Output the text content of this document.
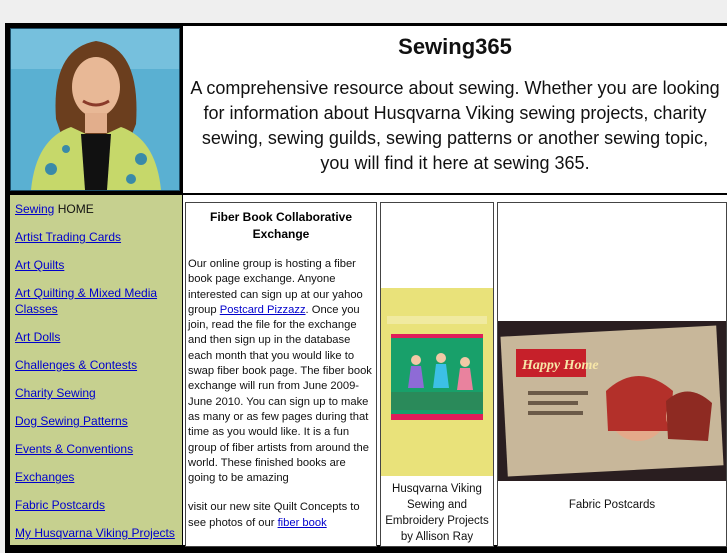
Sewing365
A comprehensive resource about sewing. Whether you are looking for information about Husqvarna Viking sewing projects, charity sewing, sewing guilds, sewing patterns or another sewing topic, you will find it here at sewing 365.
Sewing HOME
Artist Trading Cards
Art Quilts
Art Quilting & Mixed Media Classes
Art Dolls
Challenges & Contests
Charity Sewing
Dog Sewing Patterns
Events & Conventions
Exchanges
Fabric Postcards
My Husqvarna Viking Projects
Fiber Book Collaborative Exchange
Our online group is hosting a fiber book page exchange. Anyone interested can sign up at our yahoo group Postcard Pizzazz. Once you join, read the file for the exchange and then sign up in the database each month that you would like to swap fiber book page. The fiber book exchange will run from June 2009-June 2010. You can sign up to make as many or as few pages during that time as you would like. It is a fun group of fiber artists from around the world. These finished books are going to be amazing
visit our new site Quilt Concepts to see photos of our fiber book
Husqvarna Viking Sewing and Embroidery Projects by Allison Ray
Happy Home
Fabric Postcards
